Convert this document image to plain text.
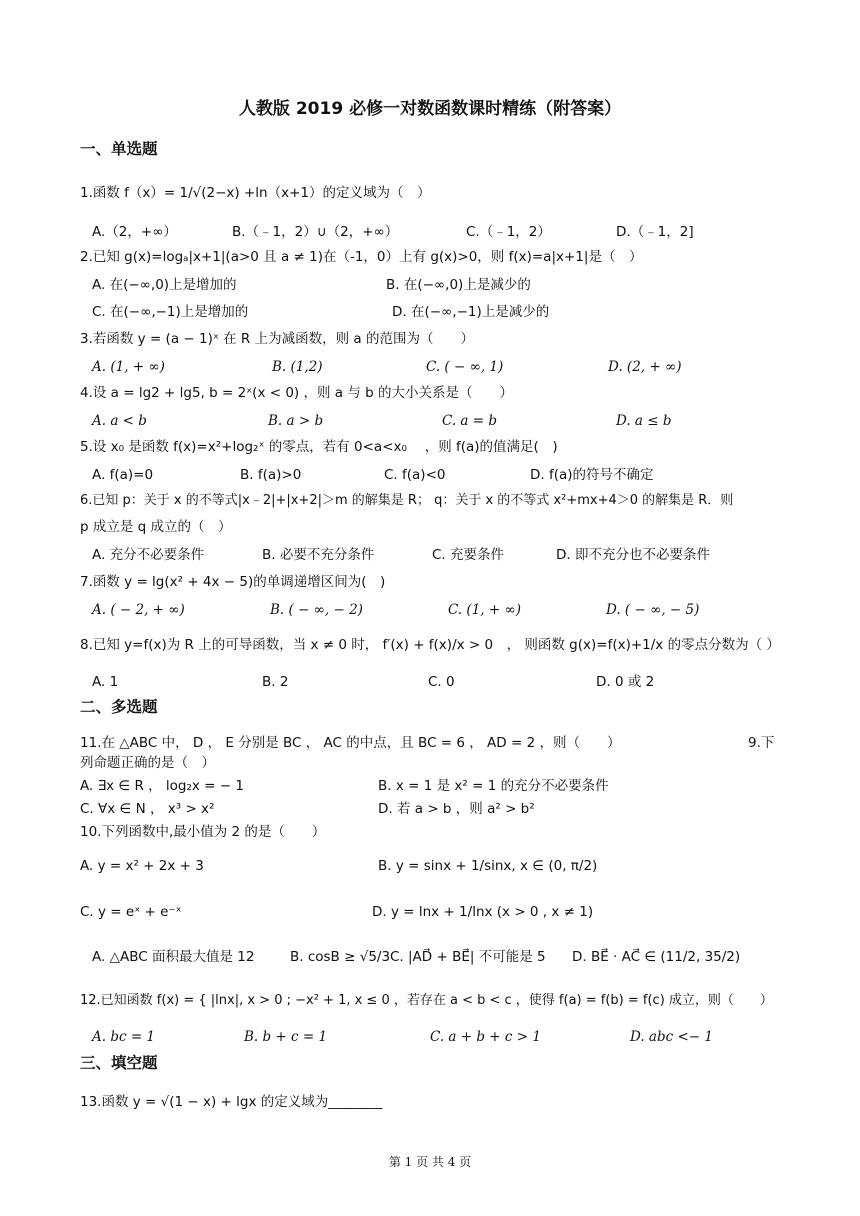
人教版 2019 必修一对数函数课时精练（附答案）
一、单选题
1.函数 f（x）= 1/√(2−x) +ln（x+1）的定义域为（　）
A.（2，+∞）	B.（﹣1，2）∪（2，+∞）	C.（﹣1，2）	D.（﹣1，2]
2.已知 g(x)=logₐ|x+1|(a>0 且 a ≠ 1)在（-1，0）上有 g(x)>0，则 f(x)=a|x+1|是（　）
A. 在(−∞,0)上是增加的	B. 在(−∞,0)上是减少的
C. 在(−∞,−1)上是增加的	D. 在(−∞,−1)上是减少的
3.若函数 y = (a − 1)ˣ 在 R 上为减函数，则 a 的范围为（　　）
A. (1, + ∞)	B. (1,2)	C. ( − ∞, 1)	D. (2, + ∞)
4.设 a = lg2 + lg5, b = 2ˣ(x < 0) ，则 a 与 b 的大小关系是（　　）
A. a < b	B. a > b	C. a = b	D. a ≤ b
5.设 x₀ 是函数 f(x)=x²+log₂ˣ 的零点，若有 0<a<x₀　 ，则 f(a)的值满足(　)
A. f(a)=0	B. f(a)>0	C. f(a)<0	D. f(a)的符号不确定
6.已知 p：关于 x 的不等式|x﹣2|+|x+2|＞m 的解集是 R； q：关于 x 的不等式 x²+mx+4＞0 的解集是 R．则
p 成立是 q 成立的（　）
A. 充分不必要条件	B. 必要不充分条件	C. 充要条件	D. 即不充分也不必要条件
7.函数 y = lg(x² + 4x − 5)的单调递增区间为(　)
A. ( − 2, + ∞)	B. ( − ∞, − 2)	C. (1, + ∞)	D. ( − ∞, − 5)
8.已知 y=f(x)为 R 上的可导函数，当 x ≠ 0 时， f′(x) + f(x)/x > 0　， 则函数 g(x)=f(x)+1/x 的零点分数为（ ）
A. 1	B. 2	C. 0	D. 0 或 2
二、多选题
11.在 △ABC 中， D ， E 分别是 BC ， AC 的中点，且 BC = 6 ， AD = 2 ，则（　　）	9.下
列命题正确的是（　）
A. ∃x ∈ R ， log₂x = − 1	B. x = 1 是 x² = 1 的充分不必要条件
C. ∀x ∈ N ， x³ > x²	D. 若 a > b ，则 a² > b²
10.下列函数中,最小值为 2 的是（　　）
A. y = x² + 2x + 3	B. y = sinx + 1/sinx, x ∈ (0, π/2)
C. y = eˣ + e⁻ˣ	D. y = lnx + 1/lnx (x > 0 , x ≠ 1)
A. △ABC 面积最大值是 12	B. cosB ≥ √5/3 C. |AD⃗ + BE⃗| 不可能是 5 D. BE⃗ · AC⃗ ∈ (11/2, 35/2)
12.已知函数 f(x) = { |lnx|, x > 0 ; −x² + 1, x ≤ 0 ，若存在 a < b < c ，使得 f(a) = f(b) = f(c) 成立，则（　　）
A. bc = 1	B. b + c = 1	C. a + b + c > 1	D. abc <− 1
三、填空题
13.函数 y = √(1 − x) + lgx 的定义域为________
第 1 页 共 4 页
